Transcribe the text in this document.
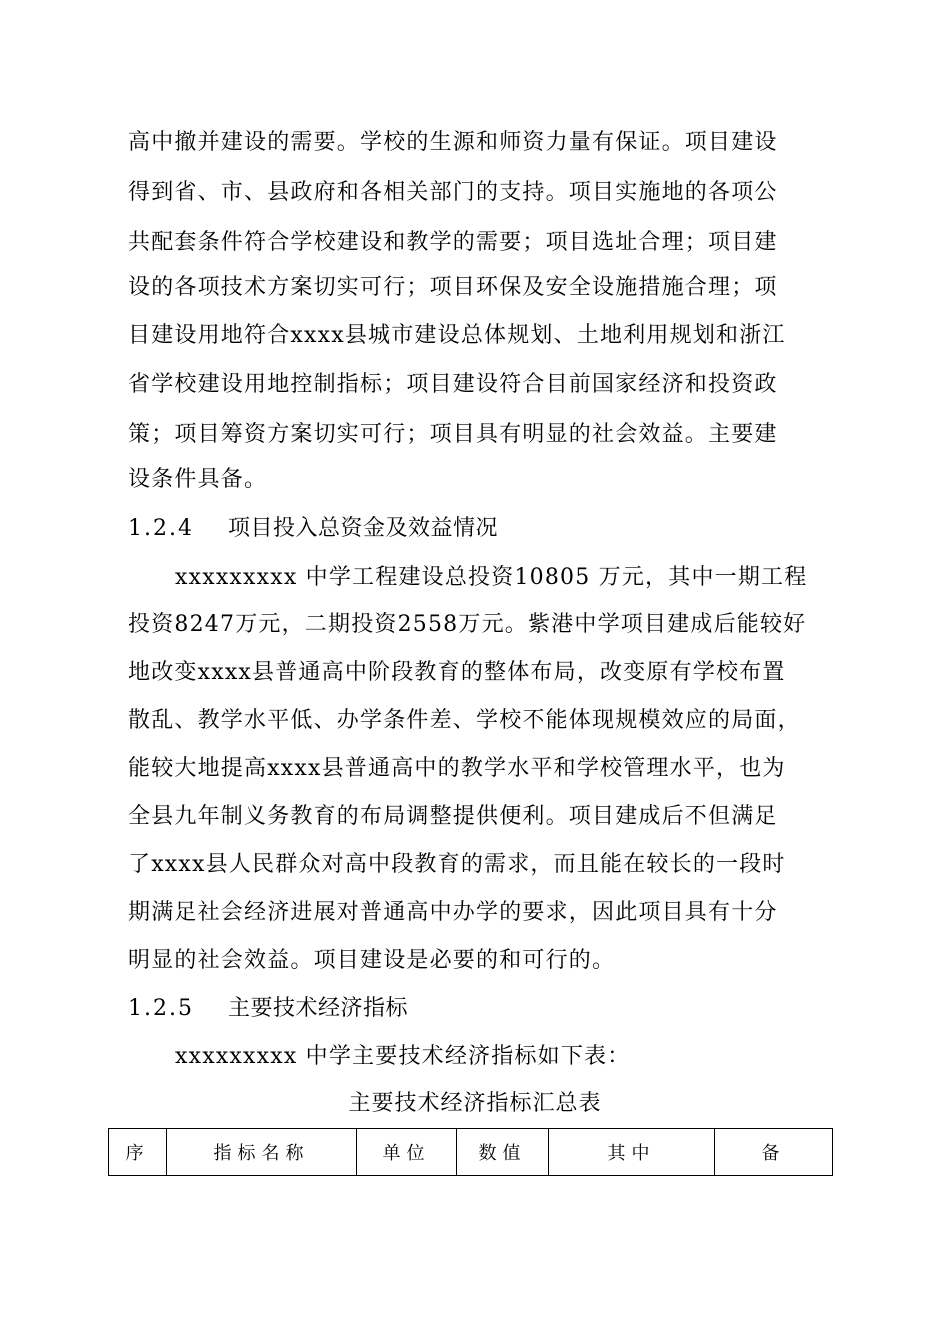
高中撤并建设的需要。学校的生源和师资力量有保证。项目建设
得到省、市、县政府和各相关部门的支持。项目实施地的各项公
共配套条件符合学校建设和教学的需要；项目选址合理；项目建
设的各项技术方案切实可行；项目环保及安全设施措施合理；项
目建设用地符合xxxx县城市建设总体规划、土地利用规划和浙江
省学校建设用地控制指标；项目建设符合目前国家经济和投资政
策；项目筹资方案切实可行；项目具有明显的社会效益。主要建
设条件具备。
1.2.4 项目投入总资金及效益情况
xxxxxxxxx 中学工程建设总投资10805 万元，其中一期工程
投资8247万元，二期投资2558万元。紫港中学项目建成后能较好
地改变xxxx县普通高中阶段教育的整体布局，改变原有学校布置
散乱、教学水平低、办学条件差、学校不能体现规模效应的局面，
能较大地提高xxxx县普通高中的教学水平和学校管理水平，也为
全县九年制义务教育的布局调整提供便利。项目建成后不但满足
了xxxx县人民群众对高中段教育的需求，而且能在较长的一段时
期满足社会经济进展对普通高中办学的要求，因此项目具有十分
明显的社会效益。项目建设是必要的和可行的。
1.2.5 主要技术经济指标
xxxxxxxxx 中学主要技术经济指标如下表：
主要技术经济指标汇总表
序	指标名称	单位	数值	其中	备
